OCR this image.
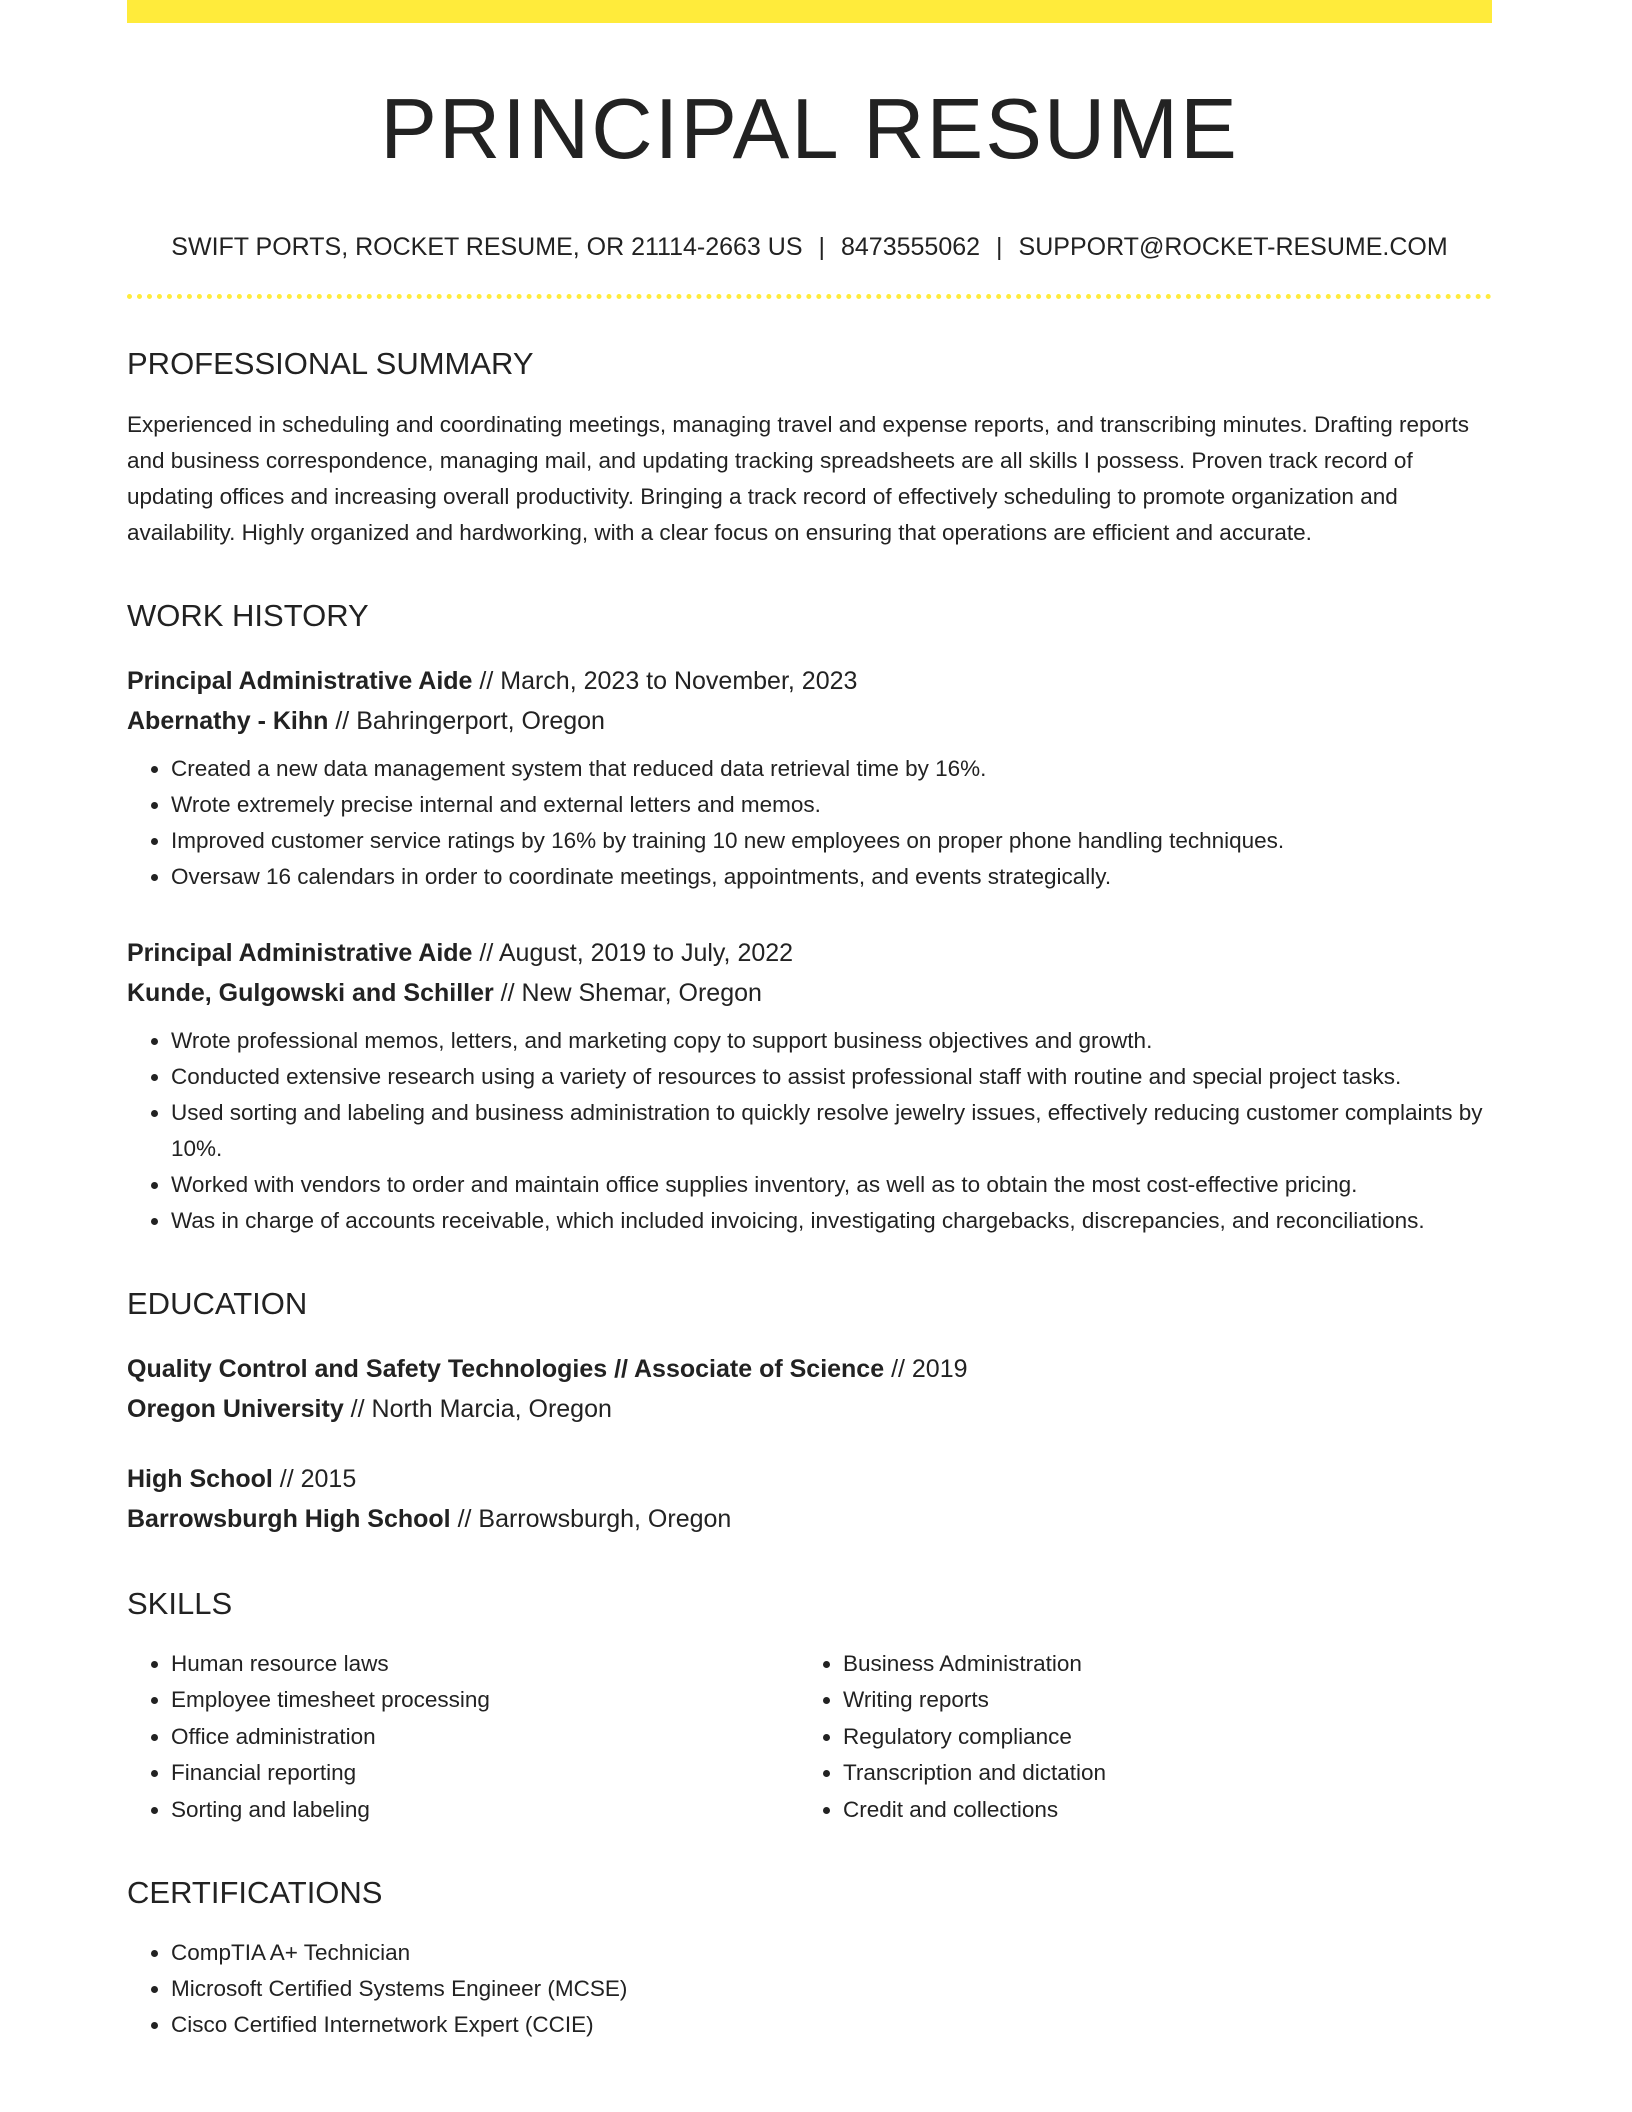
PRINCIPAL RESUME
SWIFT PORTS, ROCKET RESUME, OR 21114-2663 US | 8473555062 | SUPPORT@ROCKET-RESUME.COM
PROFESSIONAL SUMMARY
Experienced in scheduling and coordinating meetings, managing travel and expense reports, and transcribing minutes. Drafting reports and business correspondence, managing mail, and updating tracking spreadsheets are all skills I possess. Proven track record of updating offices and increasing overall productivity. Bringing a track record of effectively scheduling to promote organization and availability. Highly organized and hardworking, with a clear focus on ensuring that operations are efficient and accurate.
WORK HISTORY
Principal Administrative Aide // March, 2023 to November, 2023
Abernathy - Kihn // Bahringerport, Oregon
• Created a new data management system that reduced data retrieval time by 16%.
• Wrote extremely precise internal and external letters and memos.
• Improved customer service ratings by 16% by training 10 new employees on proper phone handling techniques.
• Oversaw 16 calendars in order to coordinate meetings, appointments, and events strategically.
Principal Administrative Aide // August, 2019 to July, 2022
Kunde, Gulgowski and Schiller // New Shemar, Oregon
• Wrote professional memos, letters, and marketing copy to support business objectives and growth.
• Conducted extensive research using a variety of resources to assist professional staff with routine and special project tasks.
• Used sorting and labeling and business administration to quickly resolve jewelry issues, effectively reducing customer complaints by 10%.
• Worked with vendors to order and maintain office supplies inventory, as well as to obtain the most cost-effective pricing.
• Was in charge of accounts receivable, which included invoicing, investigating chargebacks, discrepancies, and reconciliations.
EDUCATION
Quality Control and Safety Technologies // Associate of Science // 2019
Oregon University // North Marcia, Oregon
High School // 2015
Barrowsburgh High School // Barrowsburgh, Oregon
SKILLS
• Human resource laws
• Employee timesheet processing
• Office administration
• Financial reporting
• Sorting and labeling
• Business Administration
• Writing reports
• Regulatory compliance
• Transcription and dictation
• Credit and collections
CERTIFICATIONS
• CompTIA A+ Technician
• Microsoft Certified Systems Engineer (MCSE)
• Cisco Certified Internetwork Expert (CCIE)
